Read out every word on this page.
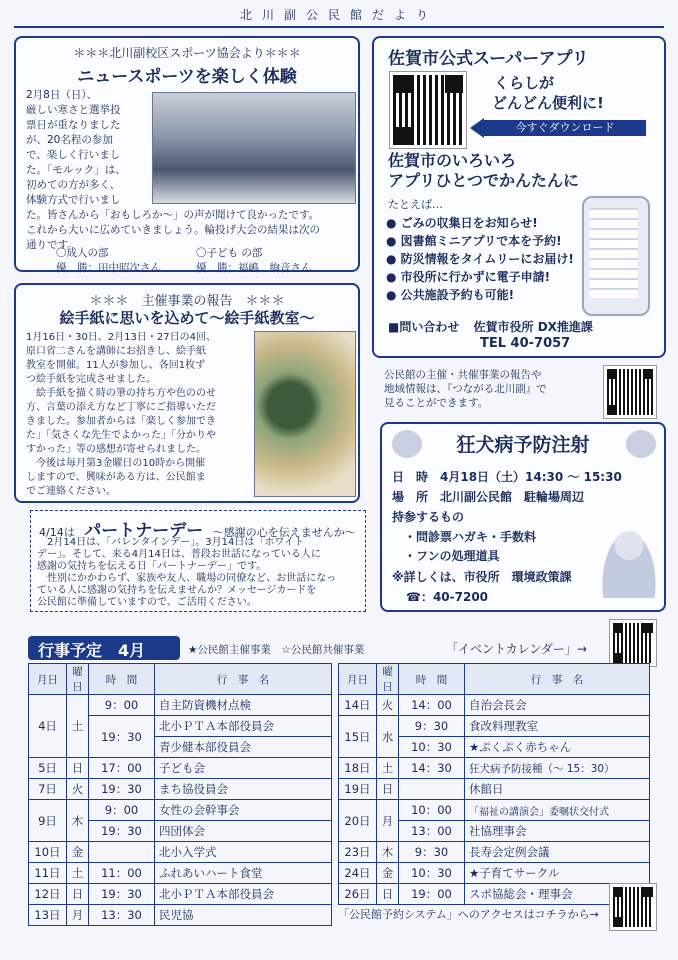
北川副公民館だより
＊＊＊北川副校区スポーツ協会より＊＊＊
ニュースポーツを楽しく体験
2月8日（日）、
厳しい寒さと選挙投
票日が重なりました
が、20名程の参加
で、楽しく行いまし
た。「モルック」は、
初めての方が多く、
体験方式で行いまし
た。皆さんから「おもしろか〜」の声が聞けて良かったです。
これから大いに広めていきましょう。輪投げ大会の結果は次の
通りです。
〇成人の部	〇子ども の部
優　勝：田中昭次さん	優　勝：福嶋　絢音さん
＊＊＊　主催事業の報告　＊＊＊
絵手紙に思いを込めて〜絵手紙教室〜
1月16日・30日、2月13日・27日の4回、
原口省二さんを講師にお招きし、絵手紙
教室を開催。11人が参加し、各回1枚ず
つ絵手紙を完成させました。
　絵手紙を描く時の筆の持ち方や色ののせ
方、言葉の添え方など丁寧にご指導いただ
きました。参加者からは「楽しく参加でき
た」「気さくな先生でよかった」「分かりや
すかった」等の感想が寄せられました。
　今後は毎月第3金曜日の10時から開催
しますので、興味がある方は、公民館ま
でご連絡ください。
4/14は パートナーデー 〜感謝の心を伝えませんか〜
　2月14日は、「バレンタインデー」。3月14日は「ホワイト
デー」。そして、来る4月14日は、普段お世話になっている人に
感謝の気持ちを伝える日「パートナーデー」です。
　性別にかかわらず、家族や友人、職場の同僚など、お世話になっ
ている人に感謝の気持ちを伝えませんか？メッセージカードを
公民館に準備していますので、ご活用ください。
佐賀市公式スーパーアプリ
くらしが
どんどん便利に!
今すぐダウンロード
佐賀市のいろいろ
アプリひとつでかんたんに
たとえば…
● ごみの収集日をお知らせ!
● 図書館ミニアプリで本を予約!
● 防災情報をタイムリーにお届け!
● 市役所に行かずに電子申請!
● 公共施設予約も可能!
■問い合わせ 佐賀市役所 DX推進課
TEL 40-7057
公民館の主催・共催事業の報告や
地域情報は、『つながる北川副』で
見ることができます。
狂犬病予防注射
日　時　4月18日（土）14:30 〜 15:30
場　所　北川副公民館　駐輪場周辺
持参するもの
・問診票ハガキ・手数料
・フンの処理道具
※詳しくは、市役所　環境政策課
☎：40-7200
行事予定　4月	★公民館主催事業　☆公民館共催事業	「イベントカレンダー」→
月日	曜日	時　間	行　事　名
4日	土	9：00	自主防資機材点検
		19：30	北小ＰＴＡ本部役員会
			青少健本部役員会
5日	日	17：00	子ども会
7日	火	19：30	まち協役員会
9日	木	9：00	女性の会幹事会
		19：30	四団体会
10日	金		北小入学式
11日	土	11：00	ふれあいハート食堂
12日	日	19：30	北小ＰＴＡ本部役員会
13日	月	13：30	民児協
月日	曜日	時　間	行　事　名
14日	火	14：00	自治会長会
15日	水	9：30	食改料理教室
		10：30	★ぷくぷく赤ちゃん
18日	土	14：30	狂犬病予防接種（〜 15：30）
19日	日		休館日
20日	月	10：00	「福祉の講演会」委嘱状交付式
		13：00	社協理事会
23日	木	9：30	長寿会定例会議
24日	金	10：30	★子育てサークル
26日	日	19：00	スポ協総会・理事会
「公民館予約システム」へのアクセスはコチラから→
